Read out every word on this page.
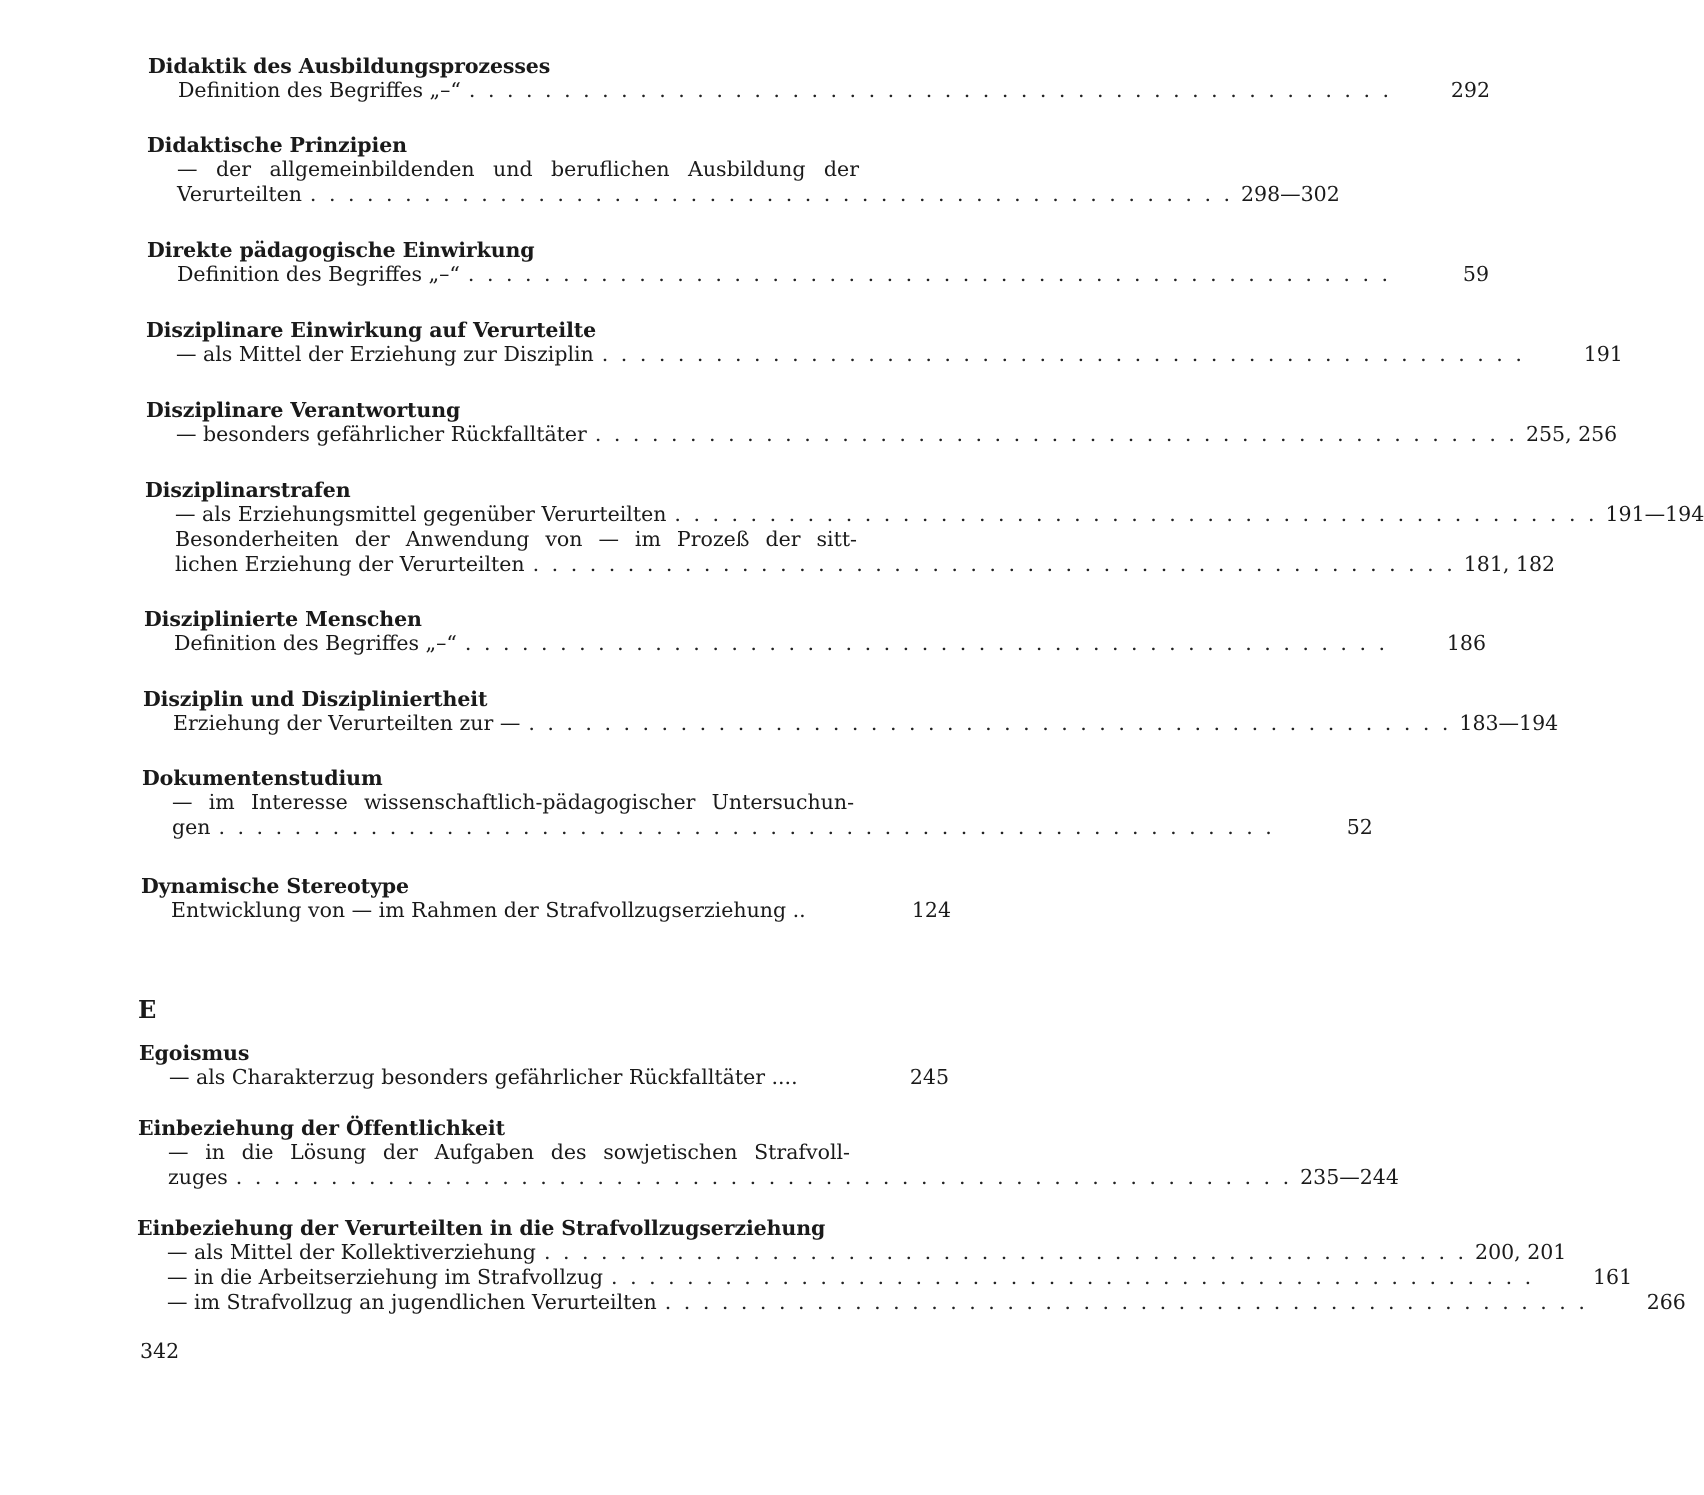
Didaktik des Ausbildungsprozesses
Definition des Begriffes „–“ . . . . . . . . . . . . . . . . . . . . . . . . . . . . . . . . . . . . . . . . . . . . . . . . .	292
Didaktische Prinzipien
— der allgemeinbildenden und beruflichen Ausbildung der
Verurteilten . . . . . . . . . . . . . . . . . . . . . . . . . . . . . . . . . . . . . . . . . . . . . . . . . 298—302
Direkte pädagogische Einwirkung
Definition des Begriffes „–“ . . . . . . . . . . . . . . . . . . . . . . . . . . . . . . . . . . . . . . . . . . . . . . . . .	59
Disziplinare Einwirkung auf Verurteilte
— als Mittel der Erziehung zur Disziplin . . . . . . . . . . . . . . . . . . . . . . . . . . . . . . . . . . . . . . . . . . . . . . . . .	191
Disziplinare Verantwortung
— besonders gefährlicher Rückfalltäter . . . . . . . . . . . . . . . . . . . . . . . . . . . . . . . . . . . . . . . . . . . . . . . . . 255, 256
Disziplinarstrafen
— als Erziehungsmittel gegenüber Verurteilten . . . . . . . . . . . . . . . . . . . . . . . . . . . . . . . . . . . . . . . . . . . . . . . . . 191—194
Besonderheiten der Anwendung von — im Prozeß der sitt-
lichen Erziehung der Verurteilten . . . . . . . . . . . . . . . . . . . . . . . . . . . . . . . . . . . . . . . . . . . . . . . . . 181, 182
Disziplinierte Menschen
Definition des Begriffes „–“ . . . . . . . . . . . . . . . . . . . . . . . . . . . . . . . . . . . . . . . . . . . . . . . . .	186
Disziplin und Diszipliniertheit
Erziehung der Verurteilten zur — . . . . . . . . . . . . . . . . . . . . . . . . . . . . . . . . . . . . . . . . . . . . . . . . . 183—194
Dokumentenstudium
— im Interesse wissenschaftlich-pädagogischer Untersuchun-
gen . . . . . . . . . . . . . . . . . . . . . . . . . . . . . . . . . . . . . . . . . . . . . . . . . . . . . . . .	52
Dynamische Stereotype
Entwicklung von — im Rahmen der Strafvollzugserziehung ..	124
E
Egoismus
— als Charakterzug besonders gefährlicher Rückfalltäter ....	245
Einbeziehung der Öffentlichkeit
— in die Lösung der Aufgaben des sowjetischen Strafvoll-
zuges . . . . . . . . . . . . . . . . . . . . . . . . . . . . . . . . . . . . . . . . . . . . . . . . . . . . . . . . 235—244
Einbeziehung der Verurteilten in die Strafvollzugserziehung
— als Mittel der Kollektiverziehung . . . . . . . . . . . . . . . . . . . . . . . . . . . . . . . . . . . . . . . . . . . . . . . . . 200, 201
— in die Arbeitserziehung im Strafvollzug . . . . . . . . . . . . . . . . . . . . . . . . . . . . . . . . . . . . . . . . . . . . . . . . .	161
— im Strafvollzug an jugendlichen Verurteilten . . . . . . . . . . . . . . . . . . . . . . . . . . . . . . . . . . . . . . . . . . . . . . . . .	266
342
